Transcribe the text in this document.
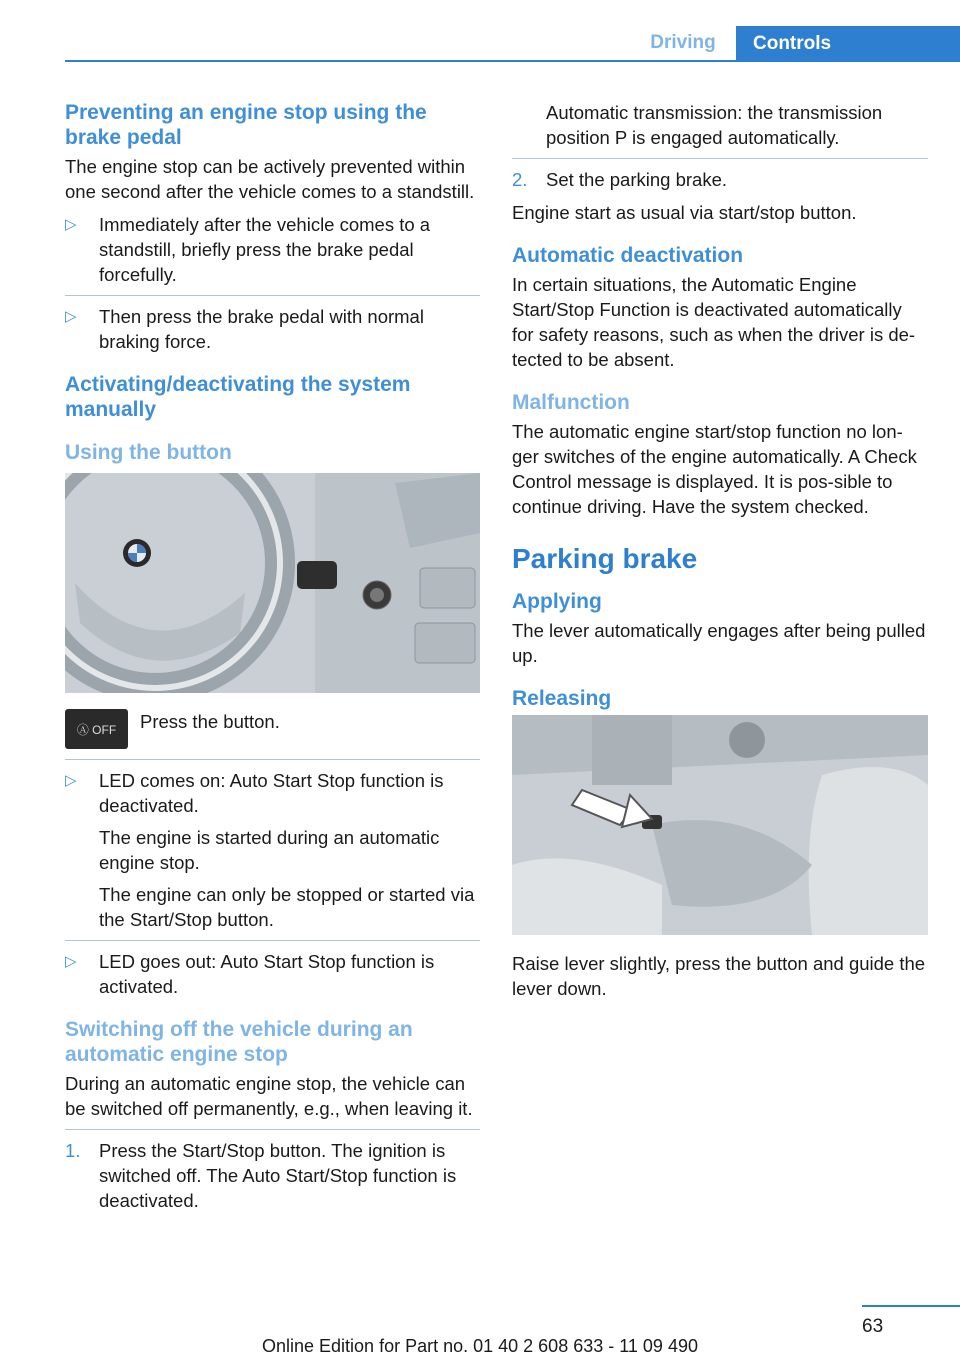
Driving	Controls
Preventing an engine stop using the brake pedal

The engine stop can be actively prevented within one second after the vehicle comes to a standstill.

▷	Immediately after the vehicle comes to a standstill, briefly press the brake pedal forcefully.

▷	Then press the brake pedal with normal braking force.

Activating/deactivating the system manually
Using the button
Ⓐ OFF	Press the button.
▷	LED comes on: Auto Start Stop function is deactivated.

The engine is started during an automatic engine stop.

The engine can only be stopped or started via the Start/Stop button.

▷	LED goes out: Auto Start Stop function is activated.

Switching off the vehicle during an automatic engine stop

During an automatic engine stop, the vehicle can be switched off permanently, e.g., when leaving it.

1.	Press the Start/Stop button. The ignition is switched off. The Auto Start/Stop function is deactivated.

Automatic transmission: the transmission position P is engaged automatically.

2.	Set the parking brake.

Engine start as usual via start/stop button.

Automatic deactivation

In certain situations, the Automatic Engine Start/Stop Function is deactivated automatically for safety reasons, such as when the driver is de-tected to be absent.

Malfunction

The automatic engine start/stop function no lon-ger switches of the engine automatically. A Check Control message is displayed. It is pos-sible to continue driving. Have the system checked.

Parking brake
Applying

The lever automatically engages after being pulled up.

Releasing

Raise lever slightly, press the button and guide the lever down.

63
Online Edition for Part no. 01 40 2 608 633 - 11 09 490
